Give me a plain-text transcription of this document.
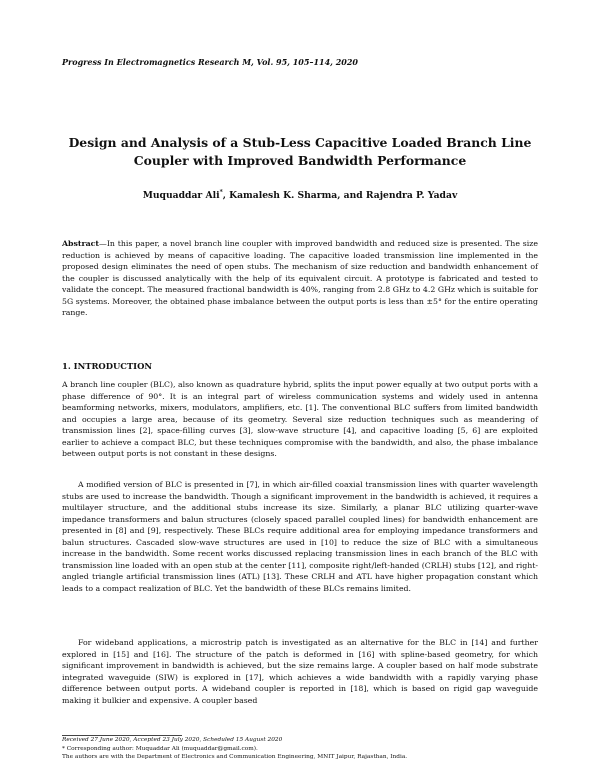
Progress In Electromagnetics Research M, Vol. 95, 105–114, 2020
Design and Analysis of a Stub-Less Capacitive Loaded Branch Line Coupler with Improved Bandwidth Performance
Muquaddar Ali*, Kamalesh K. Sharma, and Rajendra P. Yadav

Abstract—In this paper, a novel branch line coupler with improved bandwidth and reduced size is presented. The size reduction is achieved by means of capacitive loading. The capacitive loaded transmission line implemented in the proposed design eliminates the need of open stubs. The mechanism of size reduction and bandwidth enhancement of the coupler is discussed analytically with the help of its equivalent circuit. A prototype is fabricated and tested to validate the concept. The measured fractional bandwidth is 40%, ranging from 2.8 GHz to 4.2 GHz which is suitable for 5G systems. Moreover, the obtained phase imbalance between the output ports is less than ±5° for the entire operating range.

1. INTRODUCTION

A branch line coupler (BLC), also known as quadrature hybrid, splits the input power equally at two output ports with a phase difference of 90°. It is an integral part of wireless communication systems and widely used in antenna beamforming networks, mixers, modulators, amplifiers, etc. [1]. The conventional BLC suffers from limited bandwidth and occupies a large area, because of its geometry. Several size reduction techniques such as meandering of transmission lines [2], space-filling curves [3], slow-wave structure [4], and capacitive loading [5, 6] are exploited earlier to achieve a compact BLC, but these techniques compromise with the bandwidth, and also, the phase imbalance between output ports is not constant in these designs.

A modified version of BLC is presented in [7], in which air-filled coaxial transmission lines with quarter wavelength stubs are used to increase the bandwidth. Though a significant improvement in the bandwidth is achieved, it requires a multilayer structure, and the additional stubs increase its size. Similarly, a planar BLC utilizing quarter-wave impedance transformers and balun structures (closely spaced parallel coupled lines) for bandwidth enhancement are presented in [8] and [9], respectively. These BLCs require additional area for employing impedance transformers and balun structures. Cascaded slow-wave structures are used in [10] to reduce the size of BLC with a simultaneous increase in the bandwidth. Some recent works discussed replacing transmission lines in each branch of the BLC with transmission line loaded with an open stub at the center [11], composite right/left-handed (CRLH) stubs [12], and right-angled triangle artificial transmission lines (ATL) [13]. These CRLH and ATL have higher propagation constant which leads to a compact realization of BLC. Yet the bandwidth of these BLCs remains limited.

For wideband applications, a microstrip patch is investigated as an alternative for the BLC in [14] and further explored in [15] and [16]. The structure of the patch is deformed in [16] with spline-based geometry, for which significant improvement in bandwidth is achieved, but the size remains large. A coupler based on half mode substrate integrated waveguide (SIW) is explored in [17], which achieves a wide bandwidth with a rapidly varying phase difference between output ports. A wideband coupler is reported in [18], which is based on rigid gap waveguide making it bulkier and expensive. A coupler based

Received 27 June 2020, Accepted 23 July 2020, Scheduled 15 August 2020
* Corresponding author: Muquaddar Ali (muquaddar@gmail.com).
The authors are with the Department of Electronics and Communication Engineering, MNIT Jaipur, Rajasthan, India.
